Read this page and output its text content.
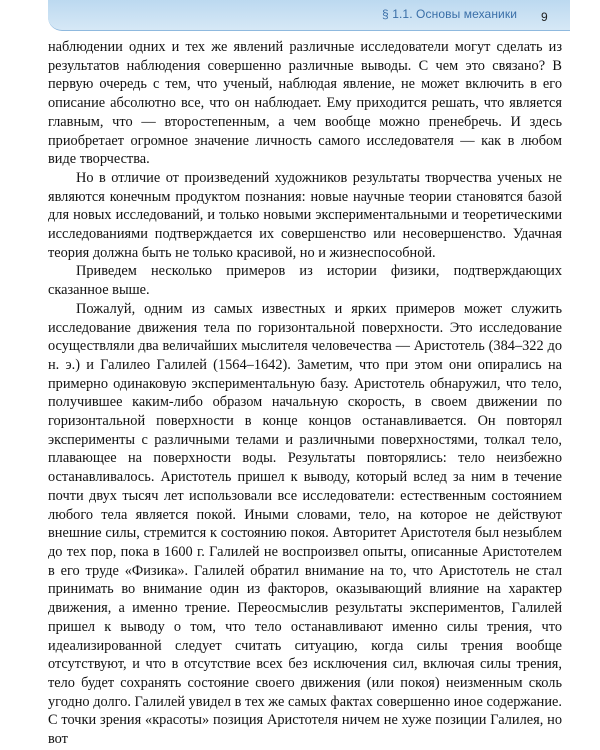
§ 1.1. Основы механики 9

наблюдении одних и тех же явлений различные исследователи могут сделать из результатов наблюдения совершенно различные выводы. С чем это связано? В первую очередь с тем, что ученый, наблюдая явление, не может включить в его описание абсолютно все, что он наблюдает. Ему приходится решать, что является главным, что — второстепенным, а чем вообще можно пренебречь. И здесь приобретает огромное значение личность самого исследователя — как в любом виде творчества.

Но в отличие от произведений художников результаты творчества ученых не являются конечным продуктом познания: новые научные теории становятся базой для новых исследований, и только новыми экспериментальными и теоретическими исследованиями подтверждается их совершенство или несовершенство. Удачная теория должна быть не только красивой, но и жизнеспособной.

Приведем несколько примеров из истории физики, подтверждающих сказанное выше.

Пожалуй, одним из самых известных и ярких примеров может служить исследование движения тела по горизонтальной поверхности. Это исследование осуществляли два величайших мыслителя человечества — Аристотель (384–322 до н. э.) и Галилео Галилей (1564–1642). Заметим, что при этом они опирались на примерно одинаковую экспериментальную базу. Аристотель обнаружил, что тело, получившее каким-либо образом начальную скорость, в своем движении по горизонтальной поверхности в конце концов останавливается. Он повторял эксперименты с различными телами и различными поверхностями, толкал тело, плавающее на поверхности воды. Результаты повторялись: тело неизбежно останавливалось. Аристотель пришел к выводу, который вслед за ним в течение почти двух тысяч лет использовали все исследователи: естественным состоянием любого тела является покой. Иными словами, тело, на которое не действуют внешние силы, стремится к состоянию покоя. Авторитет Аристотеля был незыблем до тех пор, пока в 1600 г. Галилей не воспроизвел опыты, описанные Аристотелем в его труде «Физика». Галилей обратил внимание на то, что Аристотель не стал принимать во внимание один из факторов, оказывающий влияние на характер движения, а именно трение. Переосмыслив результаты экспериментов, Галилей пришел к выводу о том, что тело останавливают именно силы трения, что идеализированной следует считать ситуацию, когда силы трения вообще отсутствуют, и что в отсутствие всех без исключения сил, включая силы трения, тело будет сохранять состояние своего движения (или покоя) неизменным сколь угодно долго. Галилей увидел в тех же самых фактах совершенно иное содержание. С точки зрения «красоты» позиция Аристотеля ничем не хуже позиции Галилея, но вот
